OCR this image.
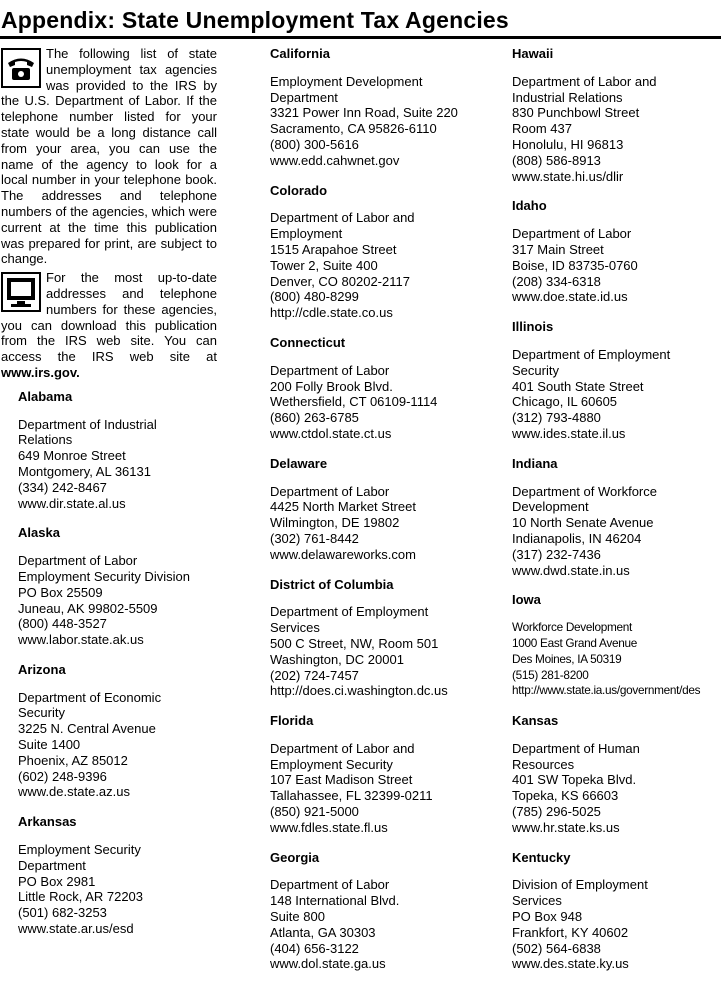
Appendix: State Unemployment Tax Agencies

The following list of state unemployment tax agencies was provided to the IRS by the U.S. Department of Labor. If the telephone number listed for your state would be a long distance call from your area, you can use the name of the agency to look for a local number in your telephone book. The addresses and telephone numbers of the agencies, which were current at the time this publication was prepared for print, are subject to change.

For the most up-to-date addresses and telephone numbers for these agencies, you can download this publication from the IRS web site. You can access the IRS web site at www.irs.gov.

Alabama
Department of Industrial
Relations
649 Monroe Street
Montgomery, AL 36131
(334) 242-8467
www.dir.state.al.us
Alaska
Department of Labor
Employment Security Division
PO Box 25509
Juneau, AK 99802-5509
(800) 448-3527
www.labor.state.ak.us
Arizona
Department of Economic
Security
3225 N. Central Avenue
Suite 1400
Phoenix, AZ 85012
(602) 248-9396
www.de.state.az.us
Arkansas
Employment Security
Department
PO Box 2981
Little Rock, AR 72203
(501) 682-3253
www.state.ar.us/esd
California
Employment Development
Department
3321 Power Inn Road, Suite 220
Sacramento, CA 95826-6110
(800) 300-5616
www.edd.cahwnet.gov
Colorado
Department of Labor and
Employment
1515 Arapahoe Street
Tower 2, Suite 400
Denver, CO 80202-2117
(800) 480-8299
http://cdle.state.co.us
Connecticut
Department of Labor
200 Folly Brook Blvd.
Wethersfield, CT 06109-1114
(860) 263-6785
www.ctdol.state.ct.us
Delaware
Department of Labor
4425 North Market Street
Wilmington, DE 19802
(302) 761-8442
www.delawareworks.com
District of Columbia
Department of Employment
Services
500 C Street, NW, Room 501
Washington, DC 20001
(202) 724-7457
http://does.ci.washington.dc.us
Florida
Department of Labor and
Employment Security
107 East Madison Street
Tallahassee, FL 32399-0211
(850) 921-5000
www.fdles.state.fl.us
Georgia
Department of Labor
148 International Blvd.
Suite 800
Atlanta, GA 30303
(404) 656-3122
www.dol.state.ga.us
Hawaii
Department of Labor and
Industrial Relations
830 Punchbowl Street
Room 437
Honolulu, HI 96813
(808) 586-8913
www.state.hi.us/dlir
Idaho
Department of Labor
317 Main Street
Boise, ID 83735-0760
(208) 334-6318
www.doe.state.id.us
Illinois
Department of Employment
Security
401 South State Street
Chicago, IL 60605
(312) 793-4880
www.ides.state.il.us
Indiana
Department of Workforce
Development
10 North Senate Avenue
Indianapolis, IN 46204
(317) 232-7436
www.dwd.state.in.us
Iowa
Workforce Development
1000 East Grand Avenue
Des Moines, IA 50319
(515) 281-8200
http://www.state.ia.us/government/des
Kansas
Department of Human
Resources
401 SW Topeka Blvd.
Topeka, KS 66603
(785) 296-5025
www.hr.state.ks.us
Kentucky
Division of Employment
Services
PO Box 948
Frankfort, KY 40602
(502) 564-6838
www.des.state.ky.us
